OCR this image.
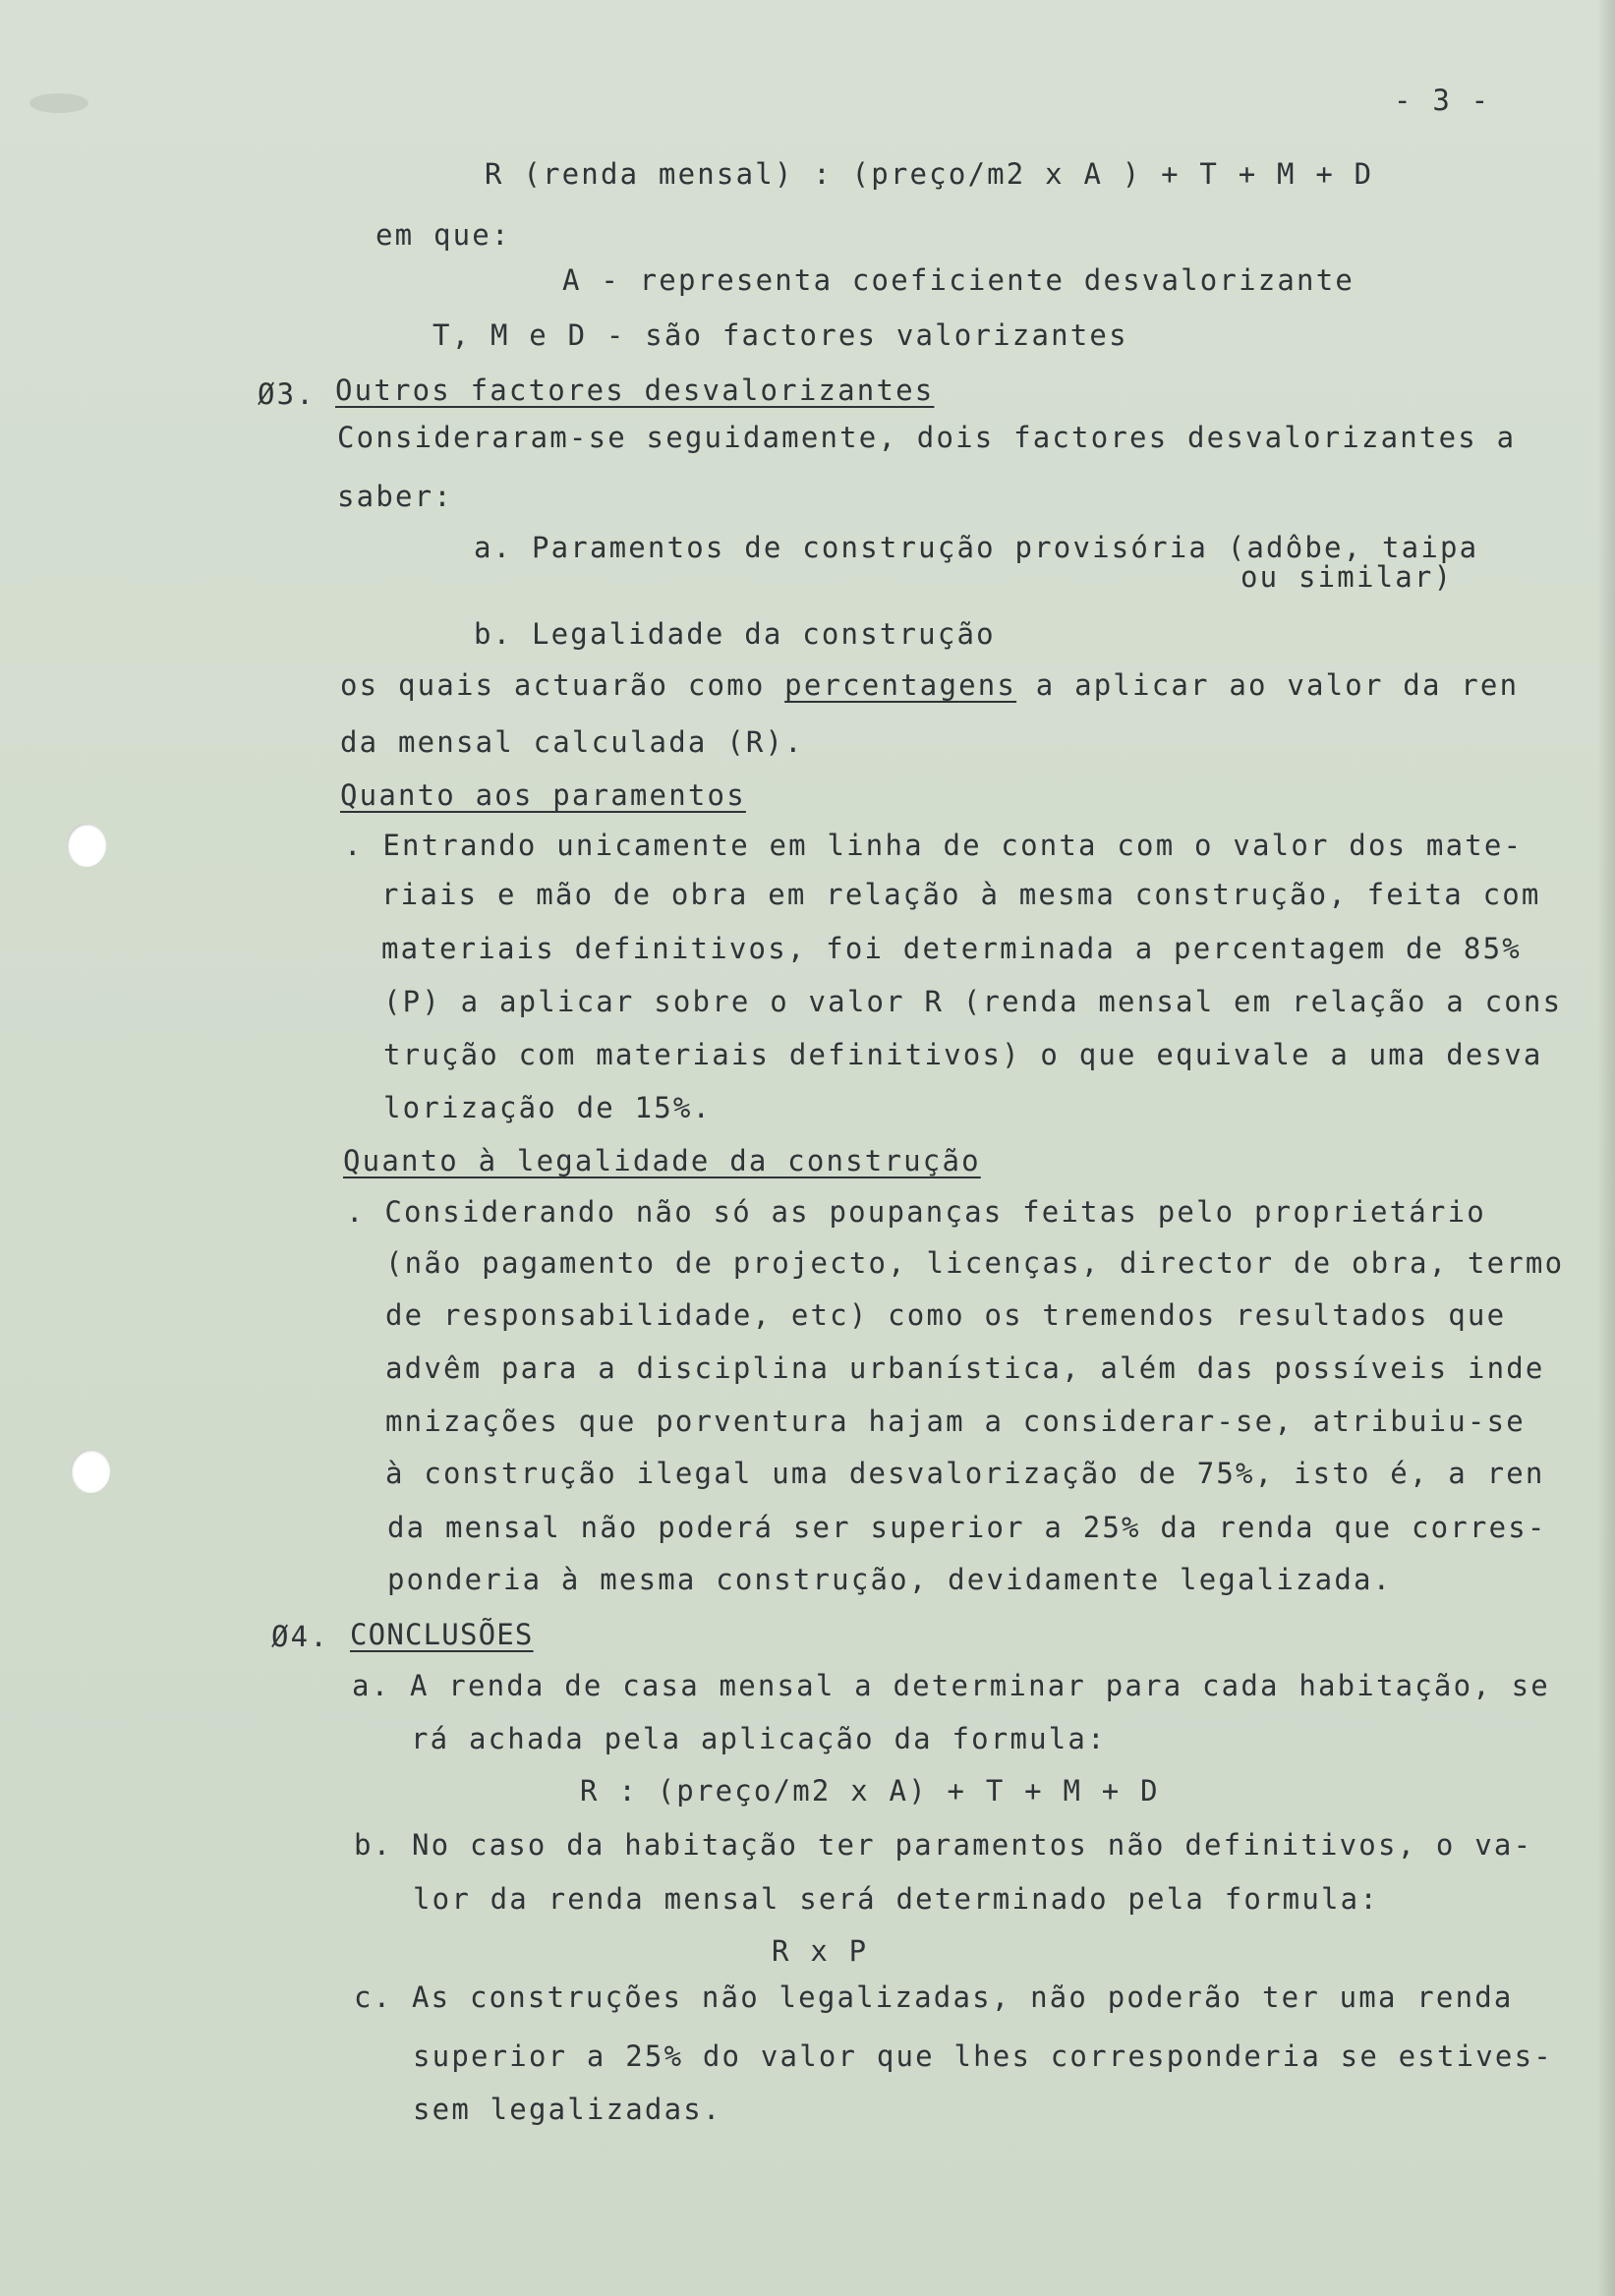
- 3 -
R (renda mensal) : (preço/m2 x A ) + T + M + D
em que:
A - representa coeficiente desvalorizante
T, M e D - são factores valorizantes
Ø3. Outros factores desvalorizantes
Consideraram-se seguidamente, dois factores desvalorizantes a
saber:
a. Paramentos de construção provisória (adôbe, taipa
ou similar)
b. Legalidade da construção
os quais actuarão como percentagens a aplicar ao valor da ren
da mensal calculada (R).
Quanto aos paramentos
. Entrando unicamente em linha de conta com o valor dos mate-
riais e mão de obra em relação à mesma construção, feita com
materiais definitivos, foi determinada a percentagem de 85%
(P) a aplicar sobre o valor R (renda mensal em relação a cons
trução com materiais definitivos) o que equivale a uma desva
lorização de 15%.
Quanto à legalidade da construção
. Considerando não só as poupanças feitas pelo proprietário
(não pagamento de projecto, licenças, director de obra, termo
de responsabilidade, etc) como os tremendos resultados que
advêm para a disciplina urbanística, além das possíveis inde
mnizações que porventura hajam a considerar-se, atribuiu-se
à construção ilegal uma desvalorização de 75%, isto é, a ren
da mensal não poderá ser superior a 25% da renda que corres-
ponderia à mesma construção, devidamente legalizada.
Ø4. CONCLUSÕES
a. A renda de casa mensal a determinar para cada habitação, se
rá achada pela aplicação da formula:
R : (preço/m2 x A) + T + M + D
b. No caso da habitação ter paramentos não definitivos, o va-
lor da renda mensal será determinado pela formula:
R x P
c. As construções não legalizadas, não poderão ter uma renda
superior a 25% do valor que lhes corresponderia se estives-
sem legalizadas.
